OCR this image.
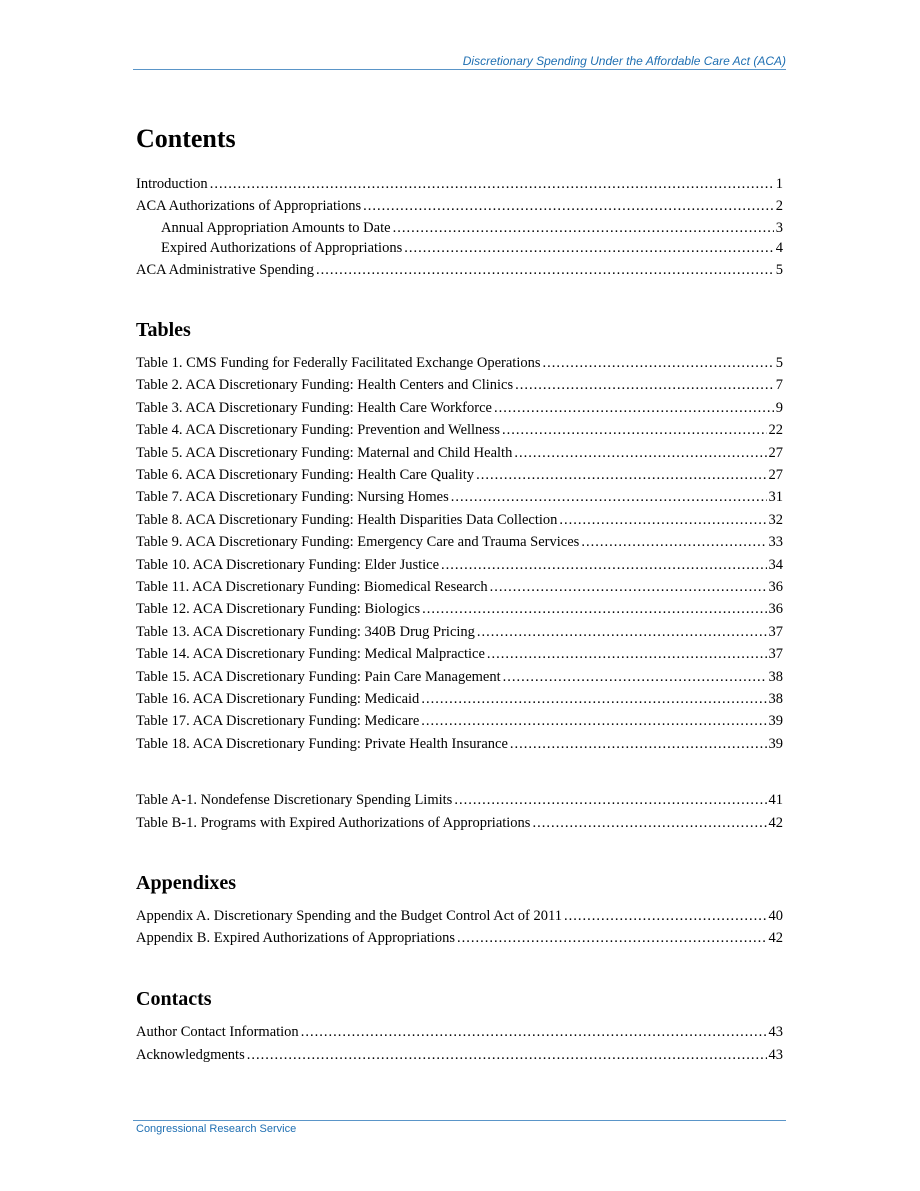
Discretionary Spending Under the Affordable Care Act (ACA)
Contents
Introduction .....	1
ACA Authorizations of Appropriations .....	2
Annual Appropriation Amounts to Date .....	3
Expired Authorizations of Appropriations .....	4
ACA Administrative Spending .....	5
Tables
Table 1. CMS Funding for Federally Facilitated Exchange Operations .....	5
Table 2. ACA Discretionary Funding: Health Centers and Clinics .....	7
Table 3. ACA Discretionary Funding: Health Care Workforce .....	9
Table 4. ACA Discretionary Funding: Prevention and Wellness .....	22
Table 5. ACA Discretionary Funding: Maternal and Child Health .....	27
Table 6. ACA Discretionary Funding: Health Care Quality .....	27
Table 7. ACA Discretionary Funding: Nursing Homes .....	31
Table 8. ACA Discretionary Funding: Health Disparities Data Collection .....	32
Table 9. ACA Discretionary Funding: Emergency Care and Trauma Services .....	33
Table 10. ACA Discretionary Funding: Elder Justice .....	34
Table 11. ACA Discretionary Funding: Biomedical Research .....	36
Table 12. ACA Discretionary Funding: Biologics .....	36
Table 13. ACA Discretionary Funding: 340B Drug Pricing .....	37
Table 14. ACA Discretionary Funding: Medical Malpractice .....	37
Table 15. ACA Discretionary Funding: Pain Care Management .....	38
Table 16. ACA Discretionary Funding: Medicaid .....	38
Table 17. ACA Discretionary Funding: Medicare .....	39
Table 18. ACA Discretionary Funding: Private Health Insurance .....	39
Table A-1. Nondefense Discretionary Spending Limits .....	41
Table B-1. Programs with Expired Authorizations of Appropriations .....	42
Appendixes
Appendix A. Discretionary Spending and the Budget Control Act of 2011 .....	40
Appendix B. Expired Authorizations of Appropriations .....	42
Contacts
Author Contact Information .....	43
Acknowledgments .....	43
Congressional Research Service
